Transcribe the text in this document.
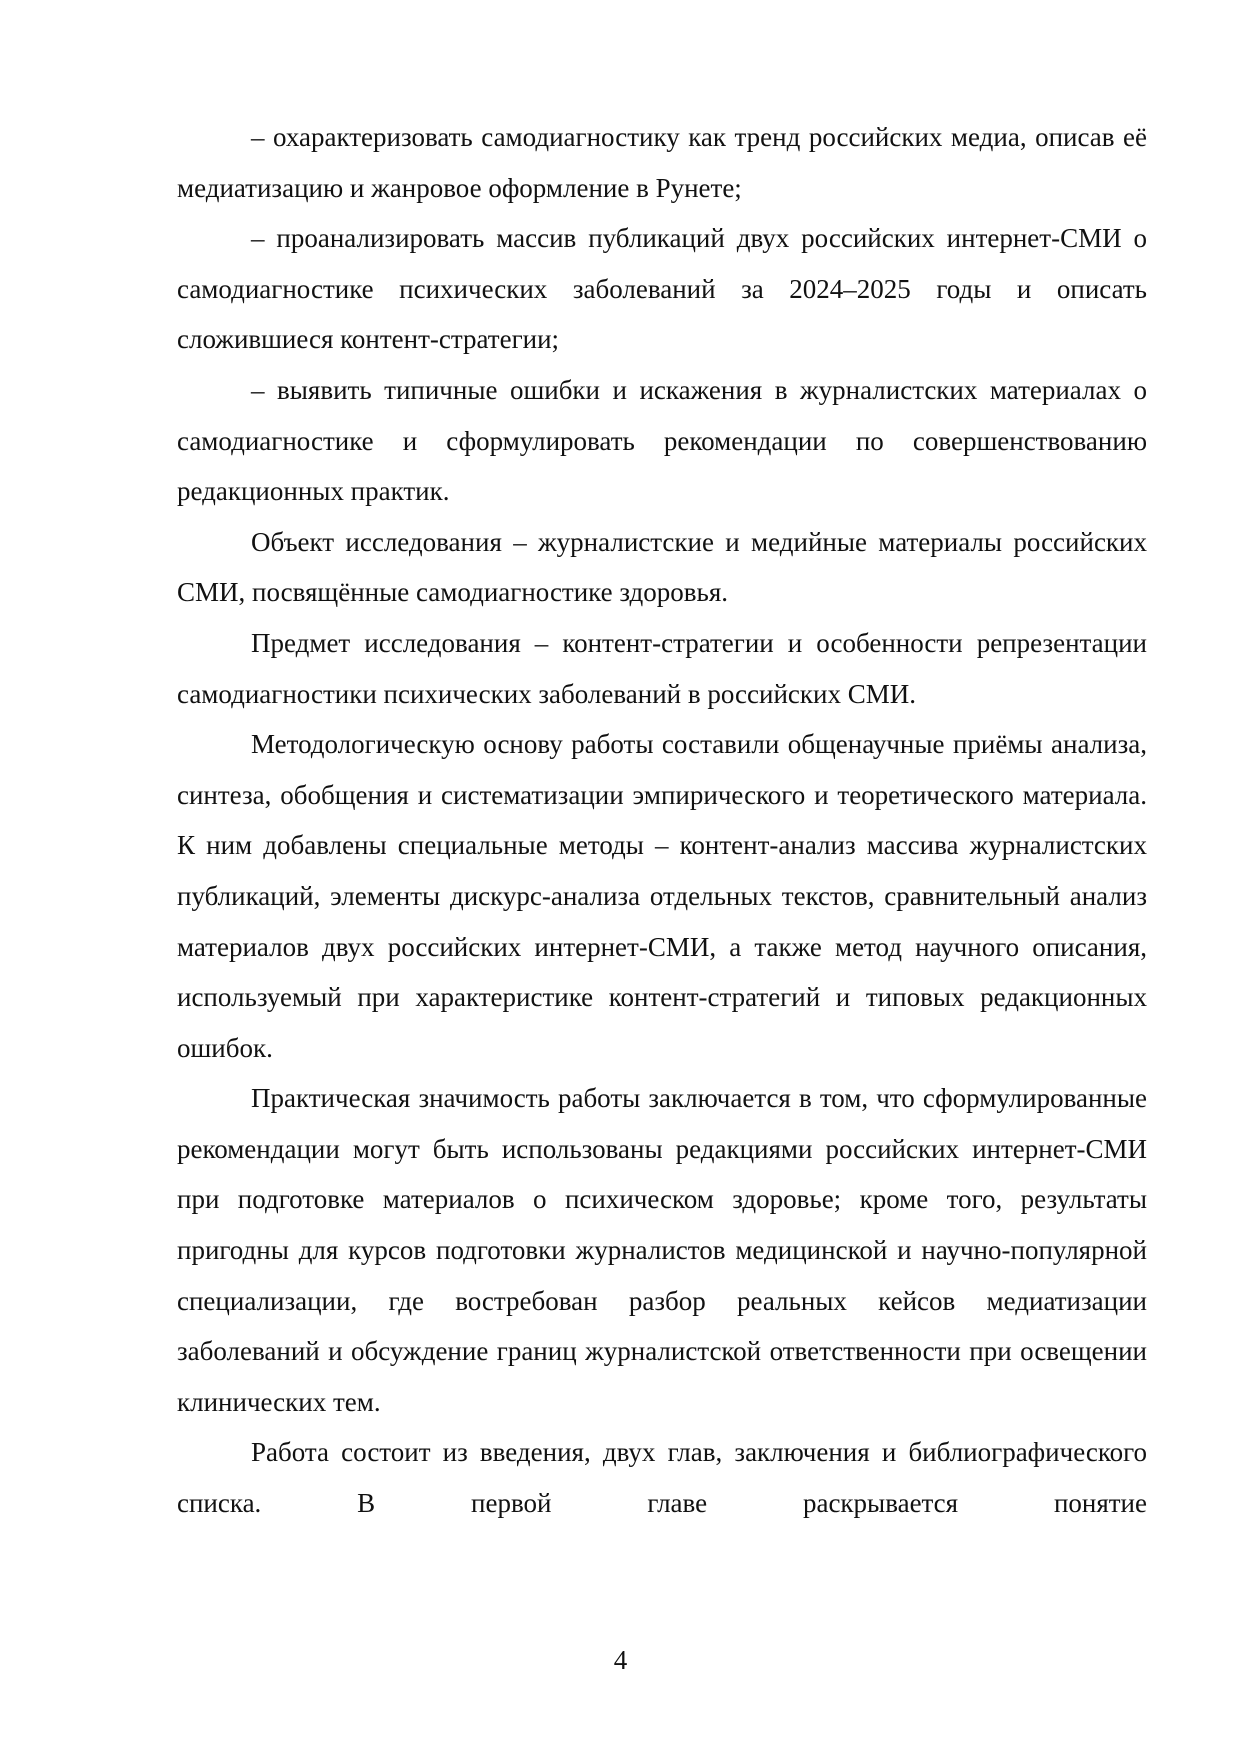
– охарактеризовать самодиагностику как тренд российских медиа, описав её медиатизацию и жанровое оформление в Рунете;

– проанализировать массив публикаций двух российских интернет-СМИ о самодиагностике психических заболеваний за 2024–2025 годы и описать сложившиеся контент-стратегии;

– выявить типичные ошибки и искажения в журналистских материалах о самодиагностике и сформулировать рекомендации по совершенствованию редакционных практик.

Объект исследования – журналистские и медийные материалы российских СМИ, посвящённые самодиагностике здоровья.

Предмет исследования – контент-стратегии и особенности репрезентации самодиагностики психических заболеваний в российских СМИ.

Методологическую основу работы составили общенаучные приёмы анализа, синтеза, обобщения и систематизации эмпирического и теоретического материала. К ним добавлены специальные методы – контент-анализ массива журналистских публикаций, элементы дискурс-анализа отдельных текстов, сравнительный анализ материалов двух российских интернет-СМИ, а также метод научного описания, используемый при характеристике контент-стратегий и типовых редакционных ошибок.

Практическая значимость работы заключается в том, что сформулированные рекомендации могут быть использованы редакциями российских интернет-СМИ при подготовке материалов о психическом здоровье; кроме того, результаты пригодны для курсов подготовки журналистов медицинской и научно-популярной специализации, где востребован разбор реальных кейсов медиатизации заболеваний и обсуждение границ журналистской ответственности при освещении клинических тем.

Работа состоит из введения, двух глав, заключения и библиографического списка. В первой главе раскрывается понятие

4
